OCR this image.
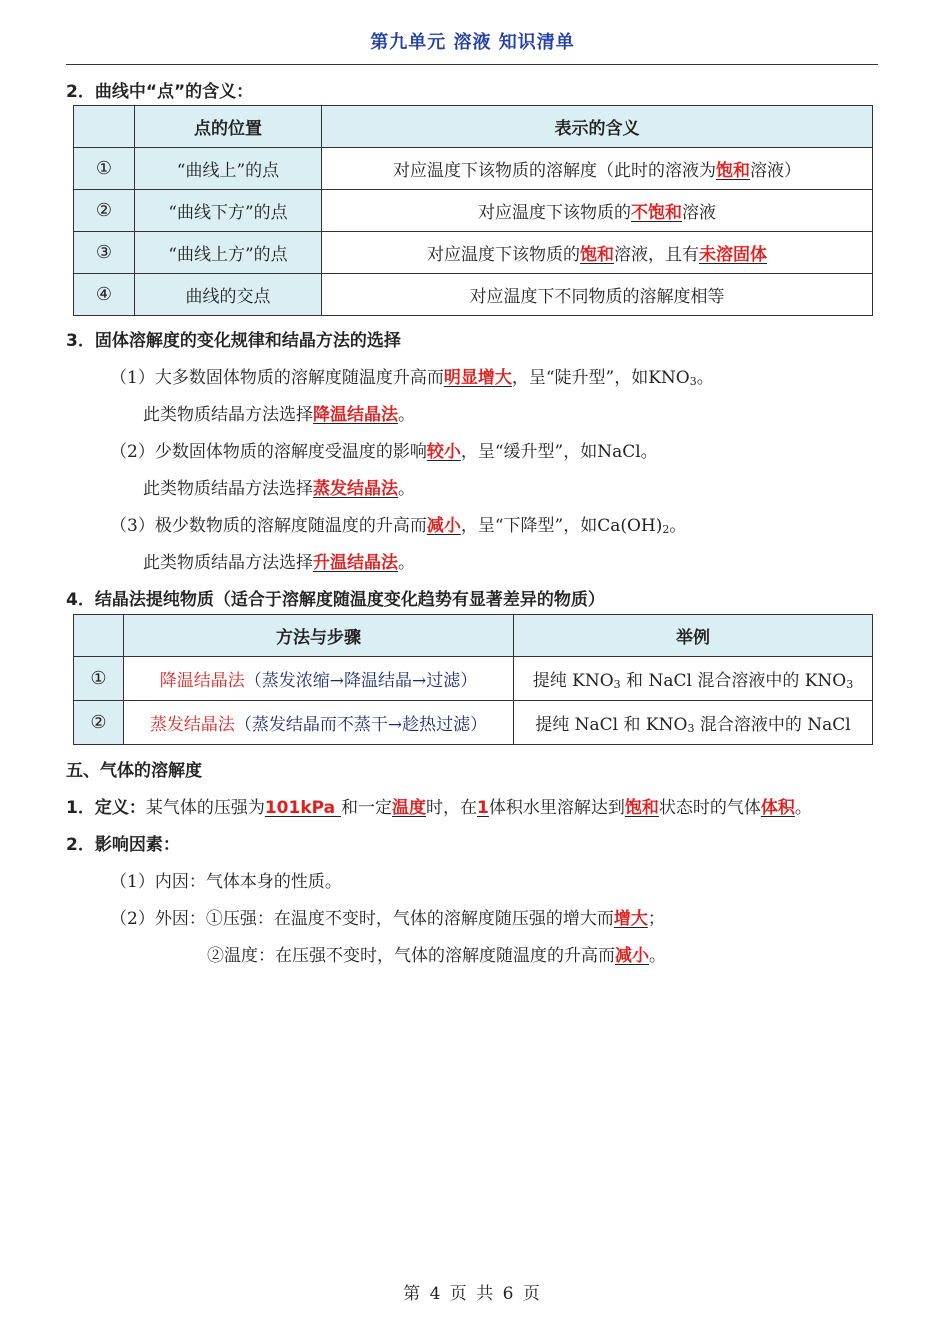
第九单元 溶液 知识清单
2．曲线中“点”的含义：
	点的位置	表示的含义
①	“曲线上”的点	对应温度下该物质的溶解度（此时的溶液为饱和溶液）
②	“曲线下方”的点	对应温度下该物质的不饱和溶液
③	“曲线上方”的点	对应温度下该物质的饱和溶液，且有未溶固体
④	曲线的交点	对应温度下不同物质的溶解度相等
3．固体溶解度的变化规律和结晶方法的选择
（1）大多数固体物质的溶解度随温度升高而明显增大，呈“陡升型”，如$KNO_3$。
此类物质结晶方法选择降温结晶法。
（2）少数固体物质的溶解度受温度的影响较小，呈“缓升型”，如NaCl。
此类物质结晶方法选择蒸发结晶法。
（3）极少数物质的溶解度随温度的升高而减小，呈“下降型”，如$Ca(OH)_2$。
此类物质结晶方法选择升温结晶法。
4．结晶法提纯物质（适合于溶解度随温度变化趋势有显著差异的物质）
	方法与步骤	举例
①	降温结晶法（蒸发浓缩→降温结晶→过滤）	提纯 $KNO_3$ 和 NaCl 混合溶液中的 $KNO_3$
②	蒸发结晶法（蒸发结晶而不蒸干→趁热过滤）	提纯 NaCl 和 $KNO_3$ 混合溶液中的 NaCl
五、气体的溶解度
1．定义：某气体的压强为101kPa 和一定温度时，在1体积水里溶解达到饱和状态时的气体体积。
2．影响因素：
（1）内因：气体本身的性质。
（2）外因：①压强：在温度不变时，气体的溶解度随压强的增大而增大；
②温度：在压强不变时，气体的溶解度随温度的升高而减小。
第 4 页 共 6 页
